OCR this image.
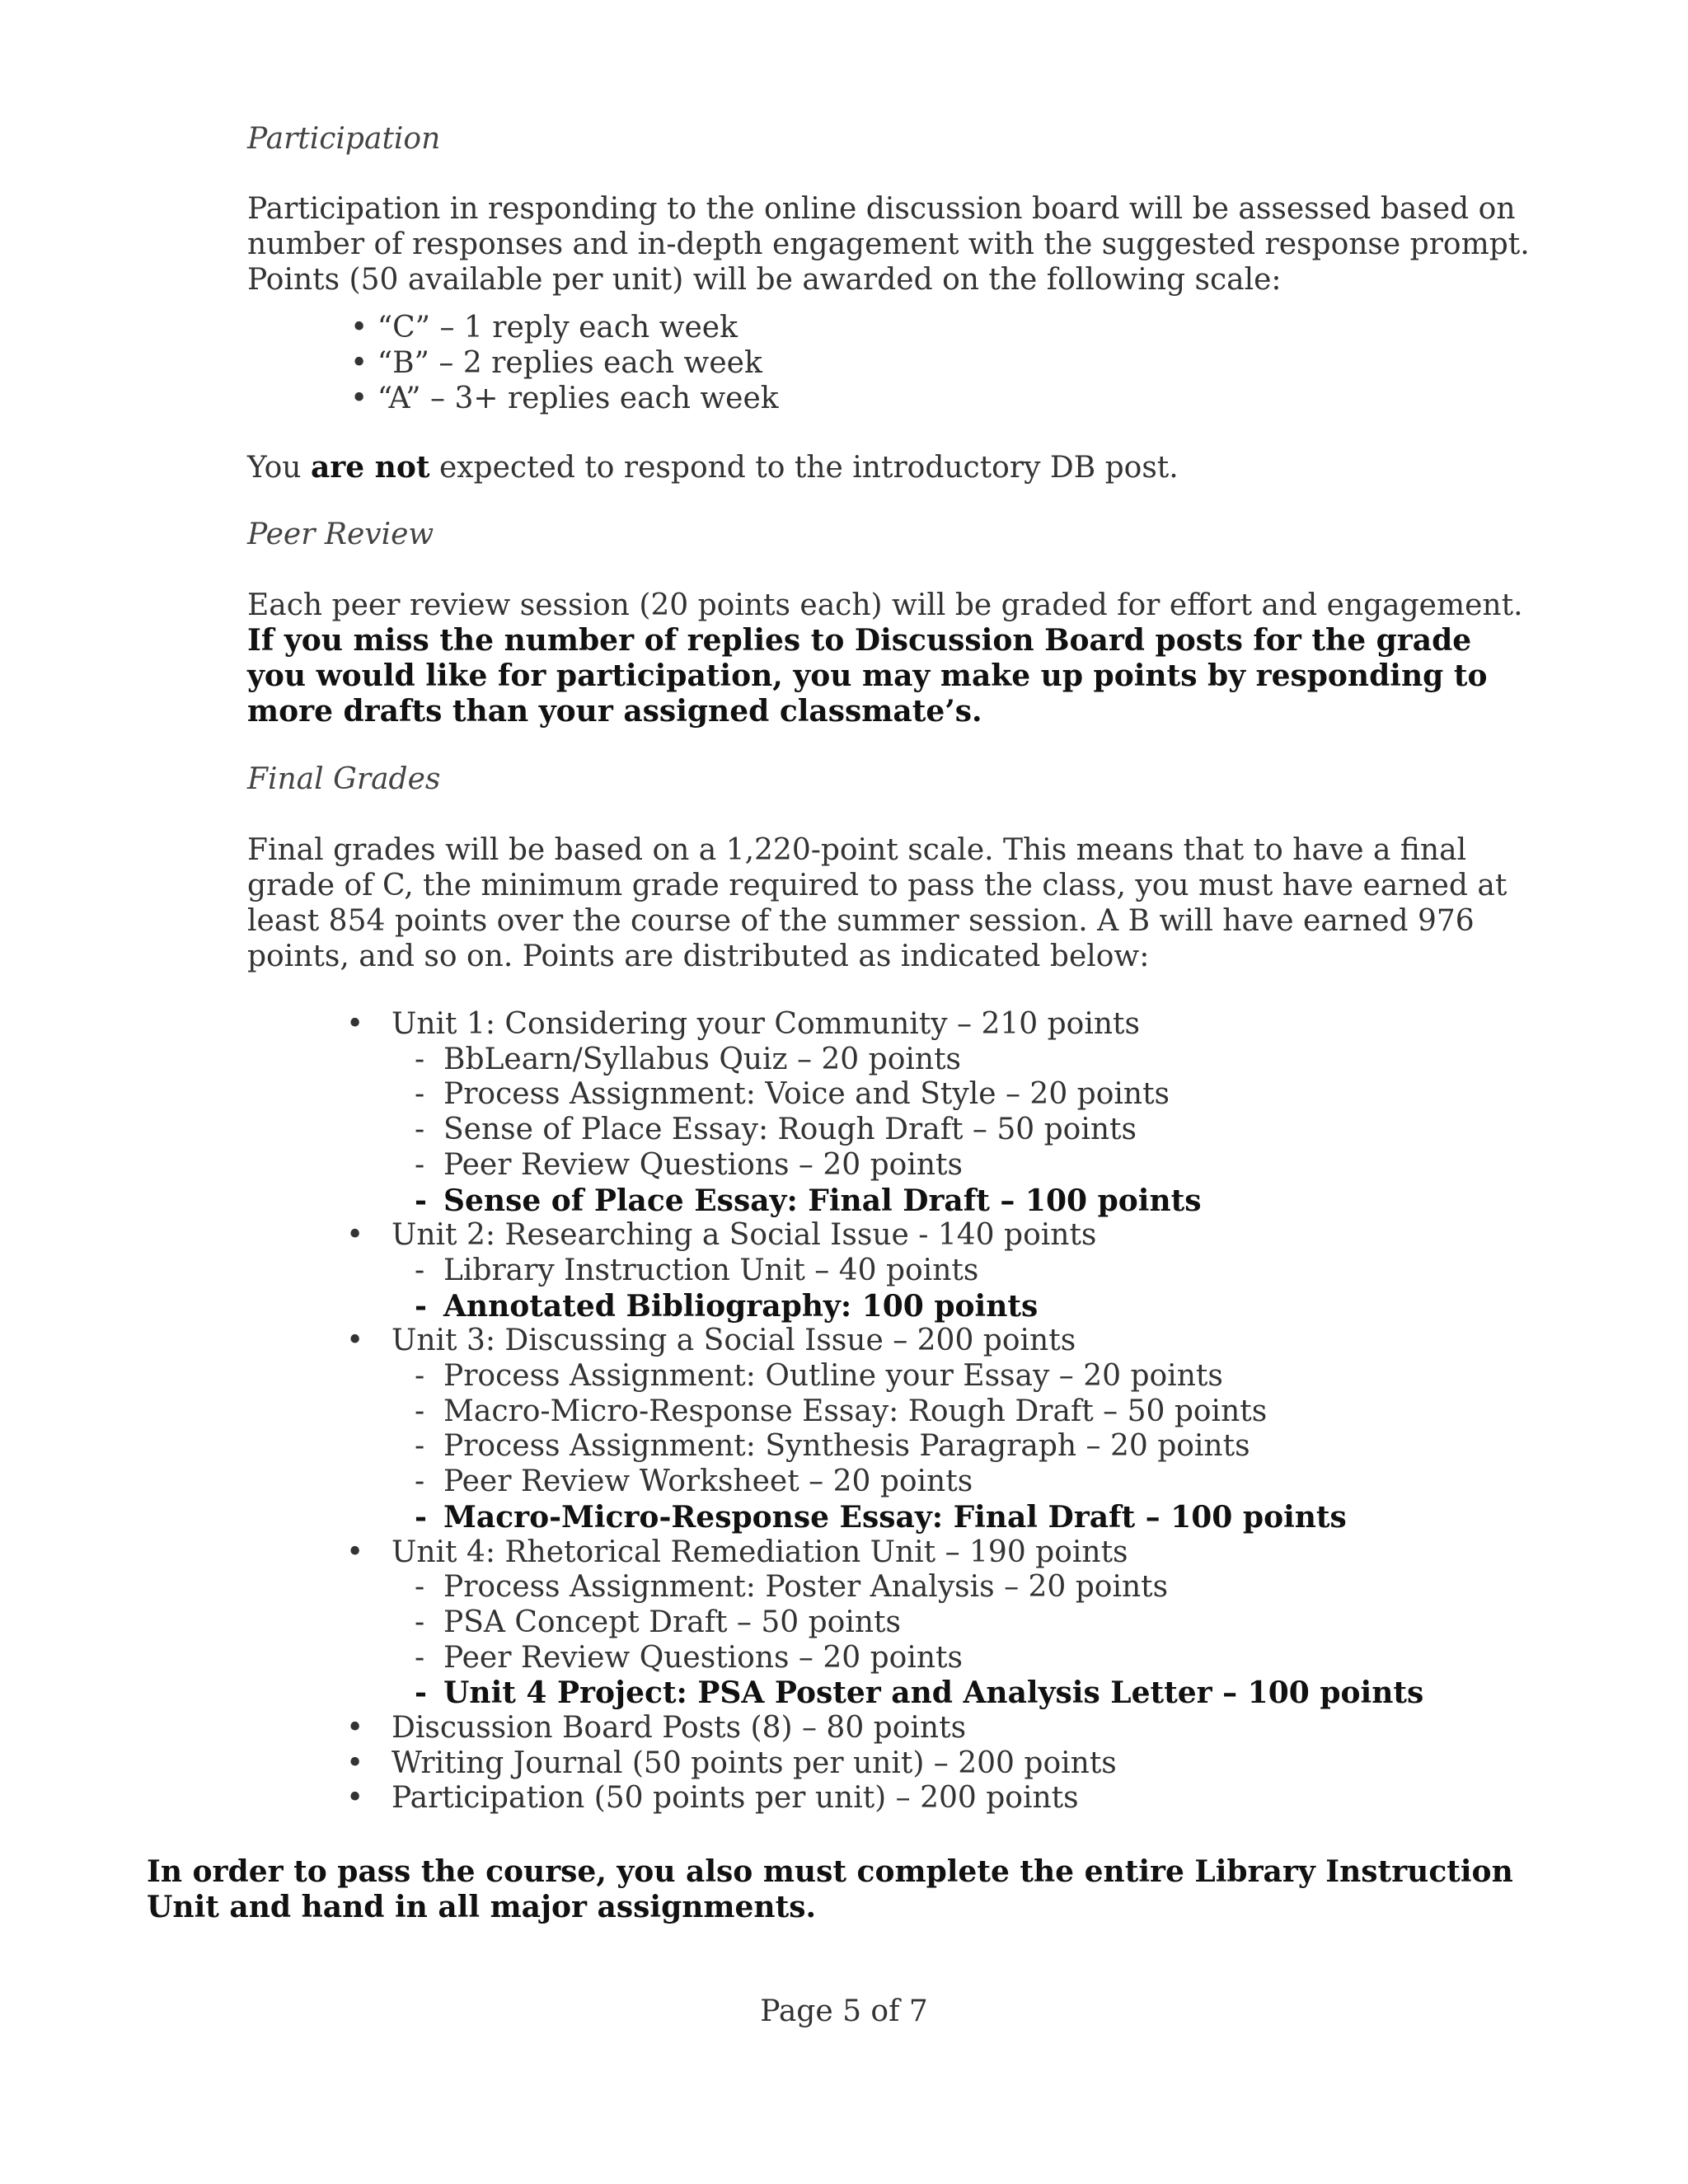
Participation

Participation in responding to the online discussion board will be assessed based on number of responses and in-depth engagement with the suggested response prompt. Points (50 available per unit) will be awarded on the following scale:

• “C” – 1 reply each week
• “B” – 2 replies each week
• “A” – 3+ replies each week

You are not expected to respond to the introductory DB post.

Peer Review

Each peer review session (20 points each) will be graded for effort and engagement. If you miss the number of replies to Discussion Board posts for the grade you would like for participation, you may make up points by responding to more drafts than your assigned classmate’s.

Final Grades

Final grades will be based on a 1,220-point scale. This means that to have a final grade of C, the minimum grade required to pass the class, you must have earned at least 854 points over the course of the summer session. A B will have earned 976 points, and so on. Points are distributed as indicated below:

• Unit 1: Considering your Community – 210 points
- BbLearn/Syllabus Quiz – 20 points
- Process Assignment: Voice and Style – 20 points
- Sense of Place Essay: Rough Draft – 50 points
- Peer Review Questions – 20 points
- Sense of Place Essay: Final Draft – 100 points
• Unit 2: Researching a Social Issue - 140 points
- Library Instruction Unit – 40 points
- Annotated Bibliography: 100 points
• Unit 3: Discussing a Social Issue – 200 points
- Process Assignment: Outline your Essay – 20 points
- Macro-Micro-Response Essay: Rough Draft – 50 points
- Process Assignment: Synthesis Paragraph – 20 points
- Peer Review Worksheet – 20 points
- Macro-Micro-Response Essay: Final Draft – 100 points
• Unit 4: Rhetorical Remediation Unit – 190 points
- Process Assignment: Poster Analysis – 20 points
- PSA Concept Draft – 50 points
- Peer Review Questions – 20 points
- Unit 4 Project: PSA Poster and Analysis Letter – 100 points
• Discussion Board Posts (8) – 80 points
• Writing Journal (50 points per unit) – 200 points
• Participation (50 points per unit) – 200 points

In order to pass the course, you also must complete the entire Library Instruction Unit and hand in all major assignments.

Page 5 of 7
